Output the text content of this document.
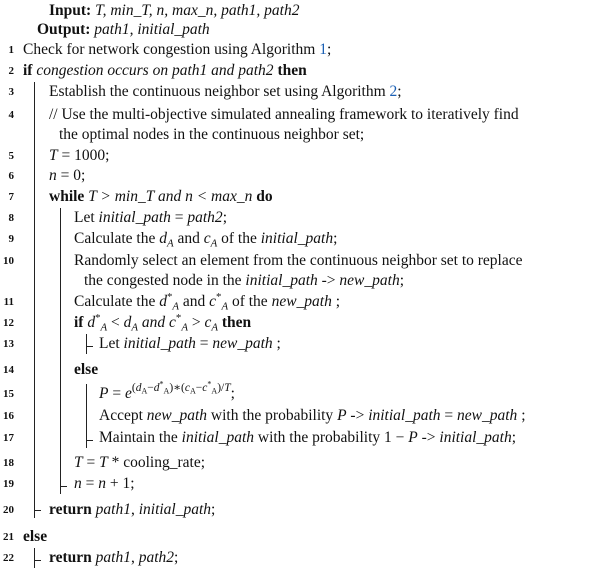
Input: T, min_T, n, max_n, path1, path2
Output: path1, initial_path
1 Check for network congestion using Algorithm 1;
2 if congestion occurs on path1 and path2 then
3 Establish the continuous neighbor set using Algorithm 2;
4 // Use the multi-objective simulated annealing framework to iteratively find
the optimal nodes in the continuous neighbor set;
5 T = 1000;
6 n = 0;
7 while T > min_T and n < max_n do
8	Let initial_path = path2;
9	Calculate the $d_A$ and $c_A$ of the initial_path;
10	Randomly select an element from the continuous neighbor set to replace
the congested node in the initial_path -> new_path;
11	Calculate the $d^*_A$ and $c^*_A$ of the new_path ;
12	if $d^*_A < d_A$ and $c^*_A > c_A$ then
13	Let initial_path = new_path ;
14	else
15	$P = e^{(d_A-d^*_A)∗(c_A-c^*_A)/T}$;
16	Accept new_path with the probability P -> initial_path = new_path ;
17	Maintain the initial_path with the probability 1 − P -> initial_path;
18	T = T * cooling_rate;
19	n = n + 1;
20 return path1, initial_path;
21 else
22 return path1, path2;
